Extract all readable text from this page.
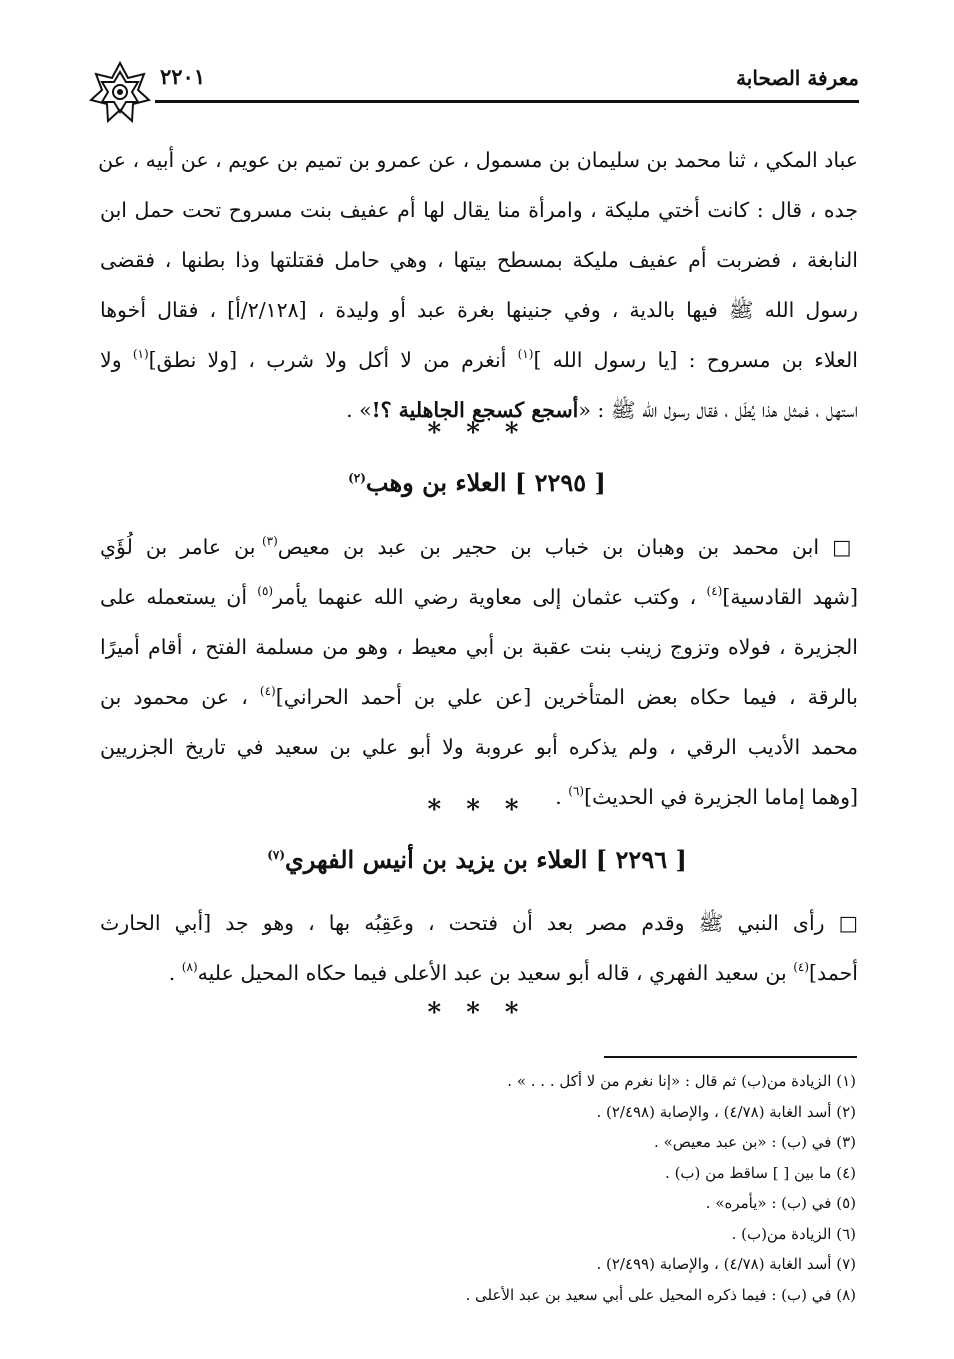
معرفة الصحابة
٢٢٠١
عباد المكي ، ثنا محمد بن سليمان بن مسمول ، عن عمرو بن تميم بن عويم ، عن أبيه ، عن
جده ، قال : كانت أختي مليكة ، وامرأة منا يقال لها أم عفيف بنت مسروح تحت حمل ابن
النابغة ، فضربت أم عفيف مليكة بمسطح بيتها ، وهي حامل فقتلتها وذا بطنها ، فقضى
رسول الله ﷺ فيها بالدية ، وفي جنينها بغرة عبد أو وليدة ، [٢/١٢٨/أ] ، فقال أخوها
العلاء بن مسروح : [يا رسول الله ]$^{(١)}$ أنغرم من لا أكل ولا شرب ، [ولا نطق]$^{(١)}$ ولا
استهل ، فمثل هذا يُطَل ، فقال رسول الله ﷺ : «أسجع كسجع الجاهلية ؟!» .
* * *
[ ٢٢٩٥ ] العلاء بن وهب$^{(٢)}$
□ ابن محمد بن وهبان بن خباب بن حجير بن عبد بن معيص$^{(٣)}$ بن عامر بن لُؤَي
[شهد القادسية]$^{(٤)}$ ، وكتب عثمان إلى معاوية رضي الله عنهما يأمر$^{(٥)}$ أن يستعمله على
الجزيرة ، فولاه وتزوج زينب بنت عقبة بن أبي معيط ، وهو من مسلمة الفتح ، أقام أميرًا
بالرقة ، فيما حكاه بعض المتأخرين [عن علي بن أحمد الحراني]$^{(٤)}$ ، عن محمود بن
محمد الأديب الرقي ، ولم يذكره أبو عروبة ولا أبو علي بن سعيد في تاريخ الجزريين
[وهما إماما الجزيرة في الحديث]$^{(٦)}$ .
* * *
[ ٢٢٩٦ ] العلاء بن يزيد بن أنيس الفهري$^{(٧)}$
□ رأى النبي ﷺ وقدم مصر بعد أن فتحت ، وعَقِبُه بها ، وهو جد [أبي الحارث
أحمد]$^{(٤)}$ بن سعيد الفهري ، قاله أبو سعيد بن عبد الأعلى فيما حكاه المحيل عليه$^{(٨)}$ .
* * *
(١) الزيادة من(ب) ثم قال : «إنا نغرم من لا أكل . . . » .
(٢) أسد الغابة (٤/٧٨) ، والإصابة (٢/٤٩٨) .
(٣) في (ب) : «بن عبد معيص» .
(٤) ما بين [ ] ساقط من (ب) .
(٥) في (ب) : «يأمره» .
(٦) الزيادة من(ب) .
(٧) أسد الغابة (٤/٧٨) ، والإصابة (٢/٤٩٩) .
(٨) في (ب) : فيما ذكره المحيل على أبي سعيد بن عبد الأعلى .
